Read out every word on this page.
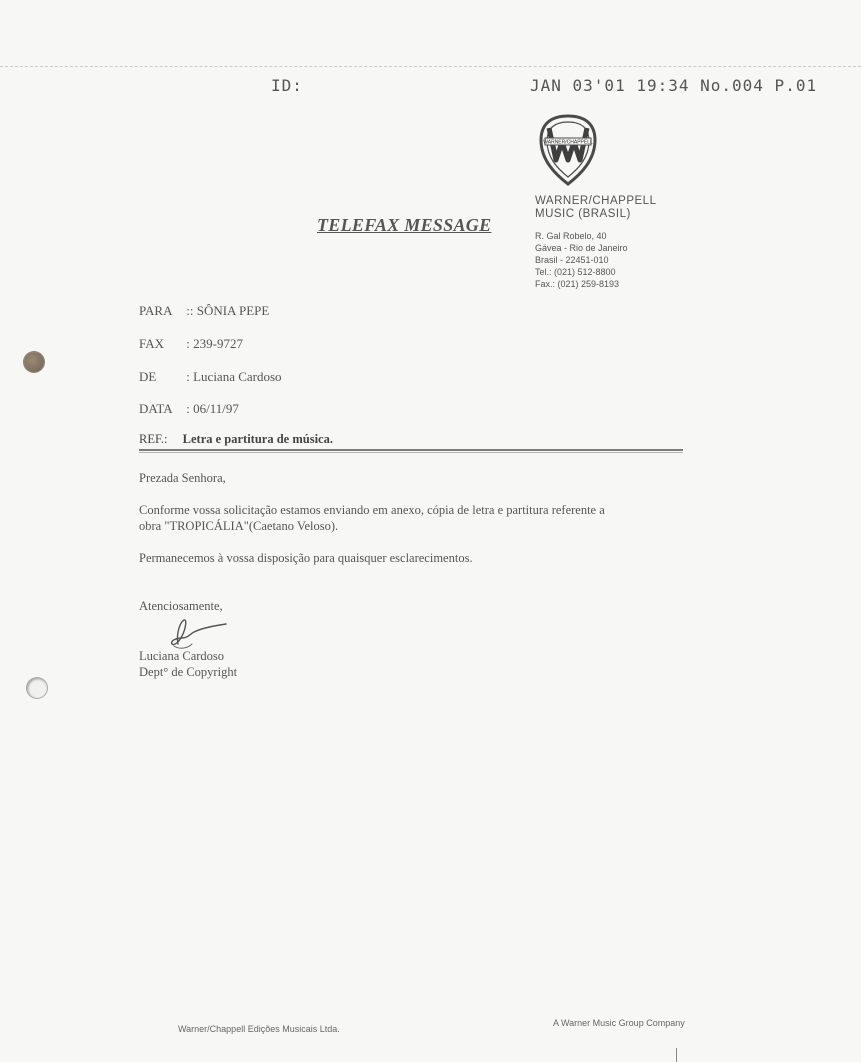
ID:	JAN 03'01 19:34 No.004 P.01
WARNER/CHAPPELL
WARNER/CHAPPELL
MUSIC (BRASIL)
R. Gal Robelo, 40
Gávea - Rio de Janeiro
Brasil - 22451-010
Tel.: (021) 512-8800
Fax.: (021) 259-8193
TELEFAX MESSAGE
PARA :: SÔNIA PEPE
FAX : 239-9727
DE : Luciana Cardoso
DATA : 06/11/97
REF.: Letra e partitura de música.
Prezada Senhora,
Conforme vossa solicitação estamos enviando em anexo, cópia de letra e partitura referente a
obra "TROPICÁLIA"(Caetano Veloso).
Permanecemos à vossa disposição para quaisquer esclarecimentos.
Atenciosamente,
Luciana Cardoso
Dept° de Copyright
Warner/Chappell Edições Musicais Ltda.
A Warner Music Group Company
